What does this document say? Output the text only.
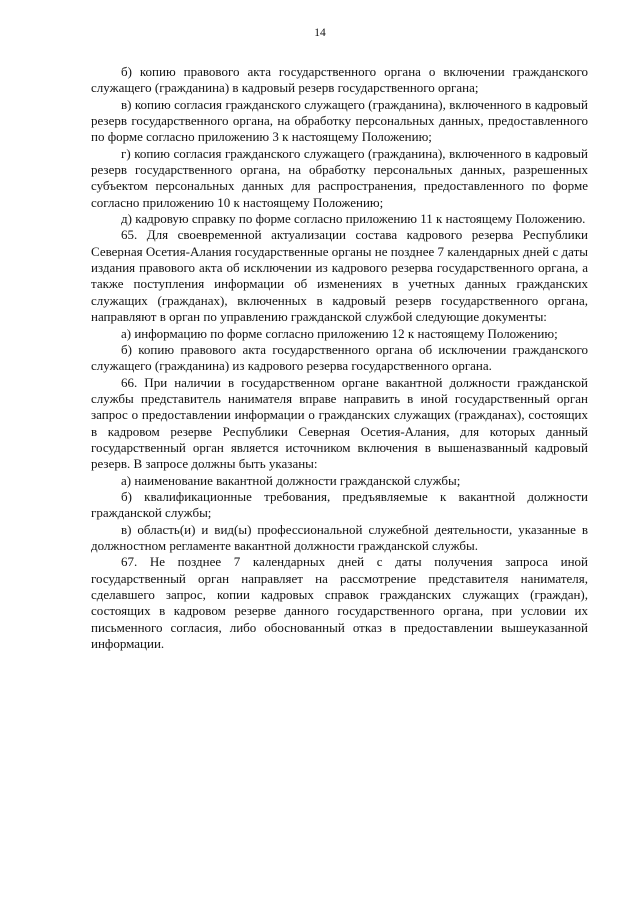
14

б) копию правового акта государственного органа о включении гражданского служащего (гражданина) в кадровый резерв государственного органа;

в) копию согласия гражданского служащего (гражданина), включенного в кадровый резерв государственного органа, на обработку персональных данных, предоставленного по форме согласно приложению 3 к настоящему Положению;

г) копию согласия гражданского служащего (гражданина), включенного в кадровый резерв государственного органа, на обработку персональных данных, разрешенных субъектом персональных данных для распространения, предоставленного по форме согласно приложению 10 к настоящему Положению;

д) кадровую справку по форме согласно приложению 11 к настоящему Положению.

65. Для своевременной актуализации состава кадрового резерва Республики Северная Осетия-Алания государственные органы не позднее 7 календарных дней с даты издания правового акта об исключении из кадрового резерва государственного органа, а также поступления информации об изменениях в учетных данных гражданских служащих (гражданах), включенных в кадровый резерв государственного органа, направляют в орган по управлению гражданской службой следующие документы:

а) информацию по форме согласно приложению 12 к настоящему Положению;

б) копию правового акта государственного органа об исключении гражданского служащего (гражданина) из кадрового резерва государственного органа.

66. При наличии в государственном органе вакантной должности гражданской службы представитель нанимателя вправе направить в иной государственный орган запрос о предоставлении информации о гражданских служащих (гражданах), состоящих в кадровом резерве Республики Северная Осетия-Алания, для которых данный государственный орган является источником включения в вышеназванный кадровый резерв. В запросе должны быть указаны:

а) наименование вакантной должности гражданской службы;

б) квалификационные требования, предъявляемые к вакантной должности гражданской службы;

в) область(и) и вид(ы) профессиональной служебной деятельности, указанные в должностном регламенте вакантной должности гражданской службы.

67. Не позднее 7 календарных дней с даты получения запроса иной государственный орган направляет на рассмотрение представителя нанимателя, сделавшего запрос, копии кадровых справок гражданских служащих (граждан), состоящих в кадровом резерве данного государственного органа, при условии их письменного согласия, либо обоснованный отказ в предоставлении вышеуказанной информации.
